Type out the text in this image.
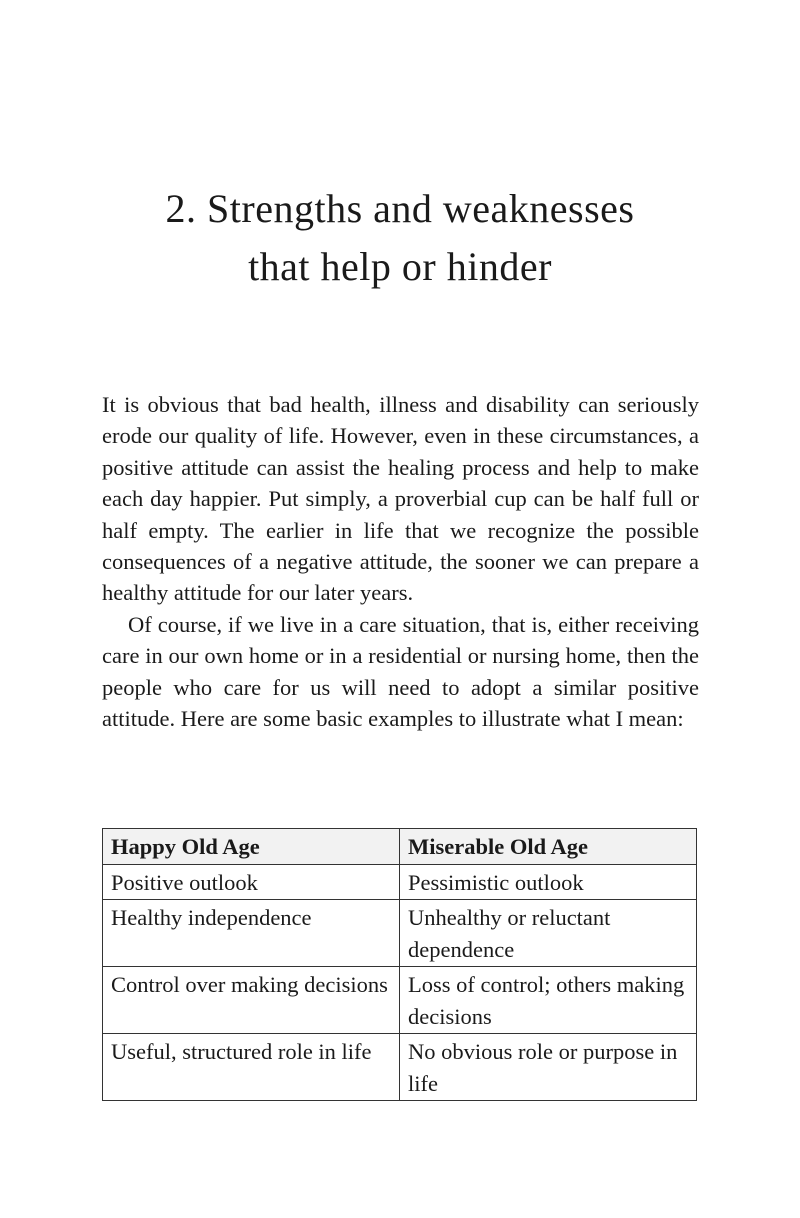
2. Strengths and weaknesses
that help or hinder

It is obvious that bad health, illness and disability can seriously erode our quality of life. However, even in these circumstances, a positive attitude can assist the healing process and help to make each day happier. Put simply, a proverbial cup can be half full or half empty. The earlier in life that we recognize the possible consequences of a negative attitude, the sooner we can prepare a healthy attitude for our later years.

Of course, if we live in a care situation, that is, either receiving care in our own home or in a residential or nursing home, then the people who care for us will need to adopt a similar positive attitude. Here are some basic examples to illustrate what I mean:

Happy Old Age	Miserable Old Age
Positive outlook	Pessimistic outlook
Healthy independence	Unhealthy or reluctant dependence
Control over making decisions	Loss of control; others making decisions
Useful, structured role in life	No obvious role or purpose in life
